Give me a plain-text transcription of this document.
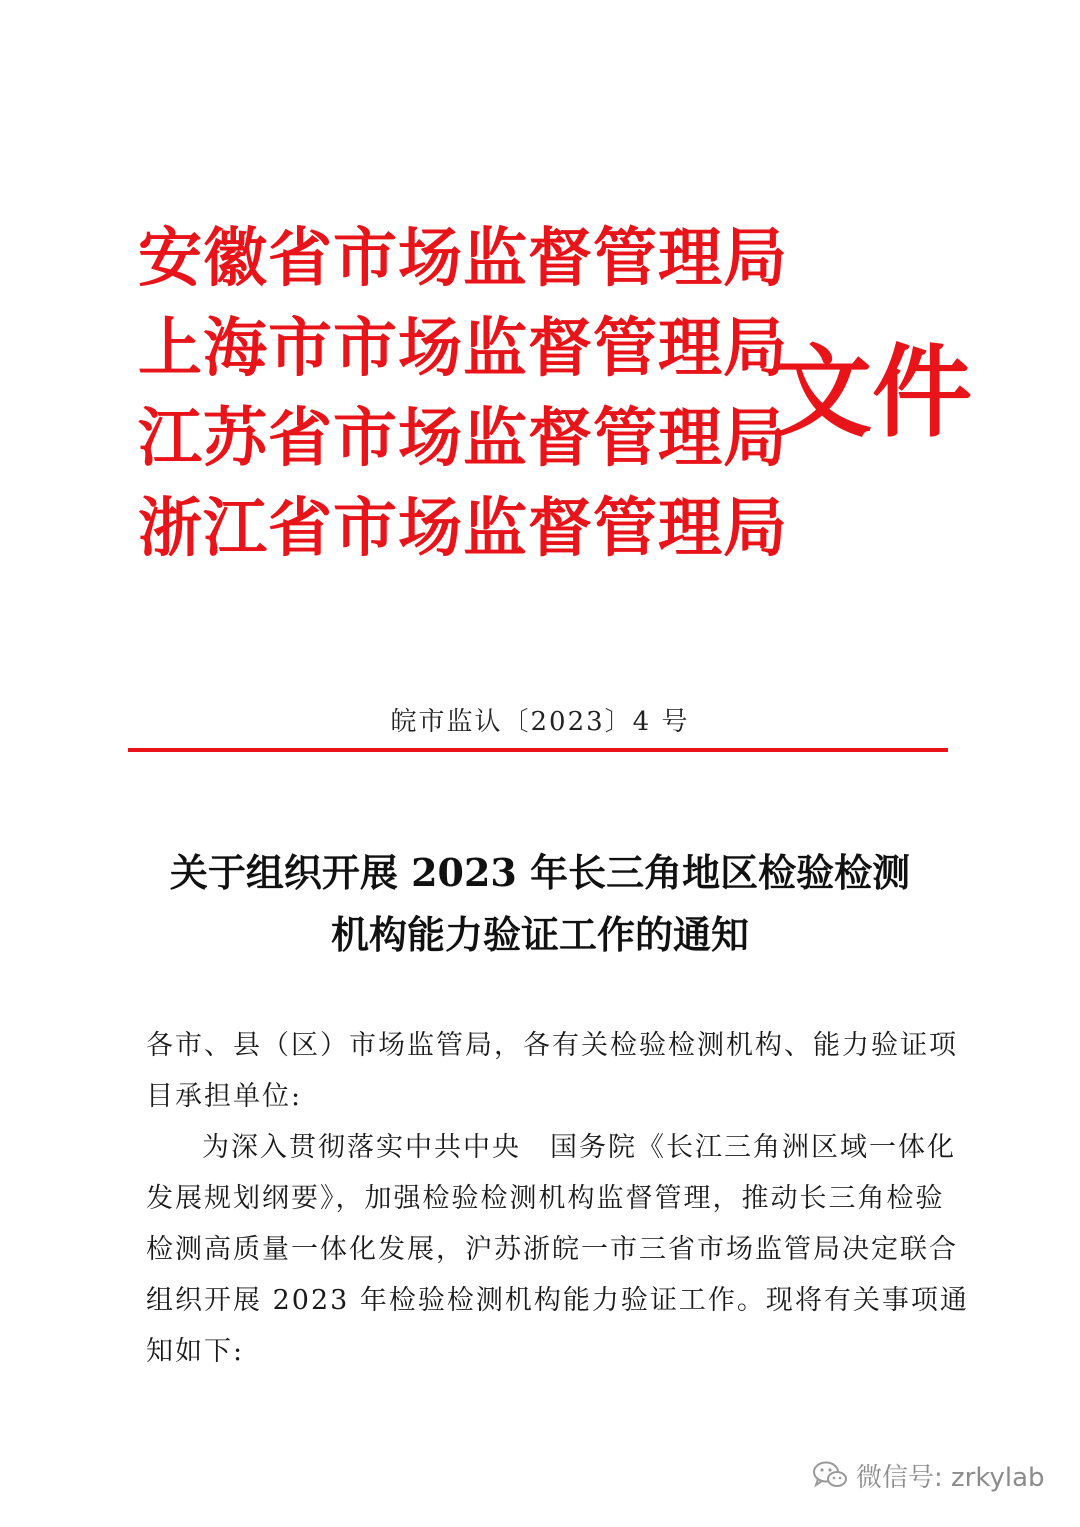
安徽省市场监督管理局
上海市市场监督管理局
江苏省市场监督管理局
浙江省市场监督管理局
文件
皖市监认〔2023〕4 号
关于组织开展 2023 年长三角地区检验检测
机构能力验证工作的通知
各市、县（区）市场监管局，各有关检验检测机构、能力验证项
目承担单位:
为深入贯彻落实中共中央　国务院《长江三角洲区域一体化
发展规划纲要》，加强检验检测机构监督管理，推动长三角检验
检测高质量一体化发展，沪苏浙皖一市三省市场监管局决定联合
组织开展 2023 年检验检测机构能力验证工作。现将有关事项通
知如下:
微信号: zrkylab
